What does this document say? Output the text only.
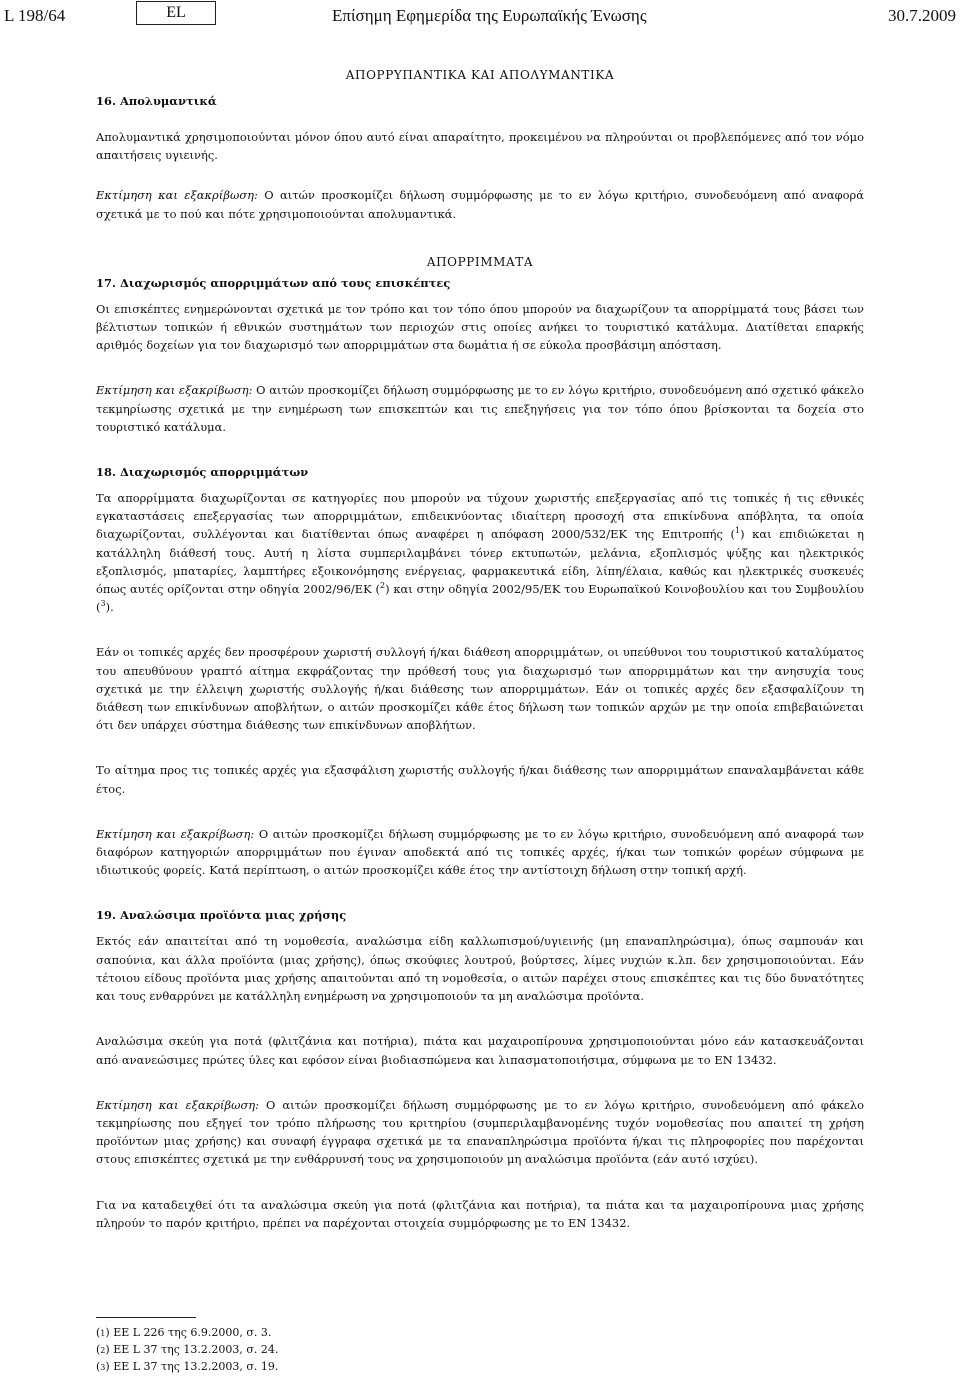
L 198/64	EL	Επίσημη Εφημερίδα της Ευρωπαϊκής Ένωσης	30.7.2009

ΑΠΟΡΡΥΠΑΝΤΙΚΑ ΚΑΙ ΑΠΟΛΥΜΑΝΤΙΚΑ

16. Απολυμαντικά

Απολυμαντικά χρησιμοποιούνται μόνον όπου αυτό είναι απαραίτητο, προκειμένου να πληρούνται οι προβλεπόμενες από τον νόμο απαιτήσεις υγιεινής.

Εκτίμηση και εξακρίβωση: Ο αιτών προσκομίζει δήλωση συμμόρφωσης με το εν λόγω κριτήριο, συνοδευόμενη από αναφορά σχετικά με το πού και πότε χρησιμοποιούνται απολυμαντικά.

ΑΠΟΡΡΙΜΜΑΤΑ

17. Διαχωρισμός απορριμμάτων από τους επισκέπτες

Οι επισκέπτες ενημερώνονται σχετικά με τον τρόπο και τον τόπο όπου μπορούν να διαχωρίζουν τα απορρίμματά τους βάσει των βέλτιστων τοπικών ή εθνικών συστημάτων των περιοχών στις οποίες ανήκει το τουριστικό κατάλυμα. Διατίθεται επαρκής αριθμός δοχείων για τον διαχωρισμό των απορριμμάτων στα δωμάτια ή σε εύκολα προσβάσιμη απόσταση.

Εκτίμηση και εξακρίβωση: Ο αιτών προσκομίζει δήλωση συμμόρφωσης με το εν λόγω κριτήριο, συνοδευόμενη από σχετικό φάκελο τεκμηρίωσης σχετικά με την ενημέρωση των επισκεπτών και τις επεξηγήσεις για τον τόπο όπου βρίσκονται τα δοχεία στο τουριστικό κατάλυμα.

18. Διαχωρισμός απορριμμάτων

Τα απορρίμματα διαχωρίζονται σε κατηγορίες που μπορούν να τύχουν χωριστής επεξεργασίας από τις τοπικές ή τις εθνικές εγκαταστάσεις επεξεργασίας των απορριμμάτων, επιδεικνύοντας ιδιαίτερη προσοχή στα επικίνδυνα απόβλητα, τα οποία διαχωρίζονται, συλλέγονται και διατίθενται όπως αναφέρει η απόφαση 2000/532/ΕΚ της Επιτροπής ($^1$) και επιδιώκεται η κατάλληλη διάθεσή τους. Αυτή η λίστα συμπεριλαμβάνει τόνερ εκτυπωτών, μελάνια, εξοπλισμός ψύξης και ηλεκτρικός εξοπλισμός, μπαταρίες, λαμπτήρες εξοικονόμησης ενέργειας, φαρμακευτικά είδη, λίπη/έλαια, καθώς και ηλεκτρικές συσκευές όπως αυτές ορίζονται στην οδηγία 2002/96/ΕΚ ($^2$) και στην οδηγία 2002/95/ΕΚ του Ευρωπαϊκού Κοινοβουλίου και του Συμβουλίου ($^3$).

Εάν οι τοπικές αρχές δεν προσφέρουν χωριστή συλλογή ή/και διάθεση απορριμμάτων, οι υπεύθυνοι του τουριστικού καταλύματος του απευθύνουν γραπτό αίτημα εκφράζοντας την πρόθεσή τους για διαχωρισμό των απορριμμάτων και την ανησυχία τους σχετικά με την έλλειψη χωριστής συλλογής ή/και διάθεσης των απορριμμάτων. Εάν οι τοπικές αρχές δεν εξασφαλίζουν τη διάθεση των επικίνδυνων αποβλήτων, ο αιτών προσκομίζει κάθε έτος δήλωση των τοπικών αρχών με την οποία επιβεβαιώνεται ότι δεν υπάρχει σύστημα διάθεσης των επικίνδυνων αποβλήτων.

Το αίτημα προς τις τοπικές αρχές για εξασφάλιση χωριστής συλλογής ή/και διάθεσης των απορριμμάτων επαναλαμβάνεται κάθε έτος.

Εκτίμηση και εξακρίβωση: Ο αιτών προσκομίζει δήλωση συμμόρφωσης με το εν λόγω κριτήριο, συνοδευόμενη από αναφορά των διαφόρων κατηγοριών απορριμμάτων που έγιναν αποδεκτά από τις τοπικές αρχές, ή/και των τοπικών φορέων σύμφωνα με ιδιωτικούς φορείς. Κατά περίπτωση, ο αιτών προσκομίζει κάθε έτος την αντίστοιχη δήλωση στην τοπική αρχή.

19. Αναλώσιμα προϊόντα μιας χρήσης

Εκτός εάν απαιτείται από τη νομοθεσία, αναλώσιμα είδη καλλωπισμού/υγιεινής (μη επαναπληρώσιμα), όπως σαμπουάν και σαπούνια, και άλλα προϊόντα (μιας χρήσης), όπως σκούφιες λουτρού, βούρτσες, λίμες νυχιών κ.λπ. δεν χρησιμοποιούνται. Εάν τέτοιου είδους προϊόντα μιας χρήσης απαιτούνται από τη νομοθεσία, ο αιτών παρέχει στους επισκέπτες και τις δύο δυνατότητες και τους ενθαρρύνει με κατάλληλη ενημέρωση να χρησιμοποιούν τα μη αναλώσιμα προϊόντα.

Αναλώσιμα σκεύη για ποτά (φλιτζάνια και ποτήρια), πιάτα και μαχαιροπίρουνα χρησιμοποιούνται μόνο εάν κατασκευάζονται από ανανεώσιμες πρώτες ύλες και εφόσον είναι βιοδιασπώμενα και λιπασματοποιήσιμα, σύμφωνα με το ΕΝ 13432.

Εκτίμηση και εξακρίβωση: Ο αιτών προσκομίζει δήλωση συμμόρφωσης με το εν λόγω κριτήριο, συνοδευόμενη από φάκελο τεκμηρίωσης που εξηγεί τον τρόπο πλήρωσης του κριτηρίου (συμπεριλαμβανομένης τυχόν νομοθεσίας που απαιτεί τη χρήση προϊόντων μιας χρήσης) και συναφή έγγραφα σχετικά με τα επαναπληρώσιμα προϊόντα ή/και τις πληροφορίες που παρέχονται στους επισκέπτες σχετικά με την ενθάρρυνσή τους να χρησιμοποιούν μη αναλώσιμα προϊόντα (εάν αυτό ισχύει).

Για να καταδειχθεί ότι τα αναλώσιμα σκεύη για ποτά (φλιτζάνια και ποτήρια), τα πιάτα και τα μαχαιροπίρουνα μιας χρήσης πληρούν το παρόν κριτήριο, πρέπει να παρέχονται στοιχεία συμμόρφωσης με το ΕΝ 13432.

( 1 ) ΕΕ L 226 της 6.9.2000, σ. 3.
( 2 ) ΕΕ L 37 της 13.2.2003, σ. 24.
( 3 ) ΕΕ L 37 της 13.2.2003, σ. 19.
